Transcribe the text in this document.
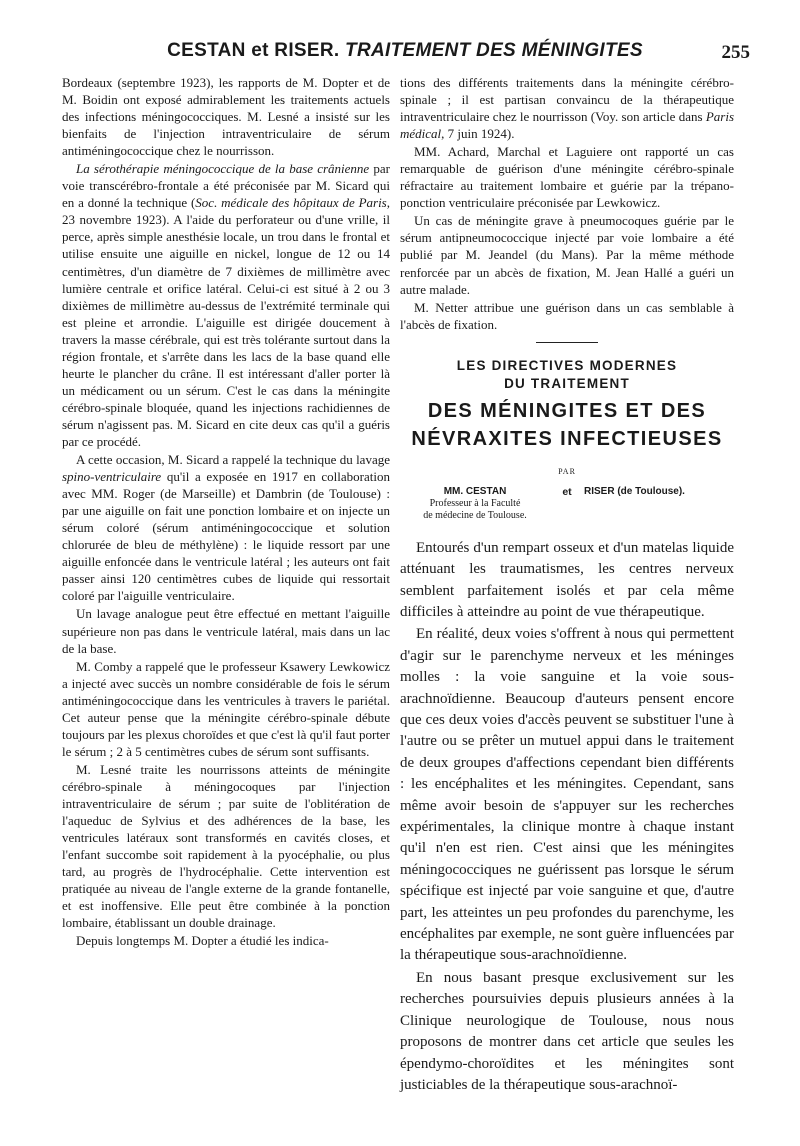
CESTAN et RISER. TRAITEMENT DES MÉNINGITES	255

Bordeaux (septembre 1923), les rapports de M. Dopter et de M. Boidin ont exposé admirablement les traitements actuels des infections méningococciques. M. Lesné a insisté sur les bienfaits de l'injection intraventriculaire de sérum antiméningococcique chez le nourrisson.

La sérothérapie méningococcique de la base crânienne par voie transcérébro-frontale a été préconisée par M. Sicard qui en a donné la technique (Soc. médicale des hôpitaux de Paris, 23 novembre 1923). A l'aide du perforateur ou d'une vrille, il perce, après simple anesthésie locale, un trou dans le frontal et utilise ensuite une aiguille en nickel, longue de 12 ou 14 centimètres, d'un diamètre de 7 dixièmes de millimètre avec lumière centrale et orifice latéral. Celui-ci est situé à 2 ou 3 dixièmes de millimètre au-dessus de l'extrémité terminale qui est pleine et arrondie. L'aiguille est dirigée doucement à travers la masse cérébrale, qui est très tolérante surtout dans la région frontale, et s'arrête dans les lacs de la base quand elle heurte le plancher du crâne. Il est intéressant d'aller porter là un médicament ou un sérum. C'est le cas dans la méningite cérébro-spinale bloquée, quand les injections rachidiennes de sérum n'agissent pas. M. Sicard en cite deux cas qu'il a guéris par ce procédé.

A cette occasion, M. Sicard a rappelé la technique du lavage spino-ventriculaire qu'il a exposée en 1917 en collaboration avec MM. Roger (de Marseille) et Dambrin (de Toulouse) : par une aiguille on fait une ponction lombaire et on injecte un sérum coloré (sérum antiméningococcique et solution chlorurée de bleu de méthylène) : le liquide ressort par une aiguille enfoncée dans le ventricule latéral ; les auteurs ont fait passer ainsi 120 centimètres cubes de liquide qui ressortait coloré par l'aiguille ventriculaire.

Un lavage analogue peut être effectué en mettant l'aiguille supérieure non pas dans le ventricule latéral, mais dans un lac de la base.

M. Comby a rappelé que le professeur Ksawery Lewkowicz a injecté avec succès un nombre considérable de fois le sérum antiméningococcique dans les ventricules à travers le pariétal. Cet auteur pense que la méningite cérébro-spinale débute toujours par les plexus choroïdes et que c'est là qu'il faut porter le sérum ; 2 à 5 centimètres cubes de sérum sont suffisants.

M. Lesné traite les nourrissons atteints de méningite cérébro-spinale à méningocoques par l'injection intraventriculaire de sérum ; par suite de l'oblitération de l'aqueduc de Sylvius et des adhérences de la base, les ventricules latéraux sont transformés en cavités closes, et l'enfant succombe soit rapidement à la pyocéphalie, ou plus tard, au progrès de l'hydrocéphalie. Cette intervention est pratiquée au niveau de l'angle externe de la grande fontanelle, et est inoffensive. Elle peut être combinée à la ponction lombaire, établissant un double drainage.

Depuis longtemps M. Dopter a étudié les indica-

tions des différents traitements dans la méningite cérébro-spinale ; il est partisan convaincu de la thérapeutique intraventriculaire chez le nourrisson (Voy. son article dans Paris médical, 7 juin 1924).

MM. Achard, Marchal et Laguiere ont rapporté un cas remarquable de guérison d'une méningite cérébro-spinale réfractaire au traitement lombaire et guérie par la trépano-ponction ventriculaire préconisée par Lewkowicz.

Un cas de méningite grave à pneumocoques guérie par le sérum antipneumococcique injecté par voie lombaire a été publié par M. Jeandel (du Mans). Par la même méthode renforcée par un abcès de fixation, M. Jean Hallé a guéri un autre malade.

M. Netter attribue une guérison dans un cas semblable à l'abcès de fixation.

LES DIRECTIVES MODERNES
DU TRAITEMENT
DES MÉNINGITES ET DES
NÉVRAXITES INFECTIEUSES
PAR
MM. CESTAN
Professeur à la Faculté
de médecine de Toulouse.
et RISER (de Toulouse).

Entourés d'un rempart osseux et d'un matelas liquide atténuant les traumatismes, les centres nerveux semblent parfaitement isolés et par cela même difficiles à atteindre au point de vue thérapeutique.

En réalité, deux voies s'offrent à nous qui permettent d'agir sur le parenchyme nerveux et les méninges molles : la voie sanguine et la voie sous-arachnoïdienne. Beaucoup d'auteurs pensent encore que ces deux voies d'accès peuvent se substituer l'une à l'autre ou se prêter un mutuel appui dans le traitement de deux groupes d'affections cependant bien différents : les encéphalites et les méningites. Cependant, sans même avoir besoin de s'appuyer sur les recherches expérimentales, la clinique montre à chaque instant qu'il n'en est rien. C'est ainsi que les méningites méningococciques ne guérissent pas lorsque le sérum spécifique est injecté par voie sanguine et que, d'autre part, les atteintes un peu profondes du parenchyme, les encéphalites par exemple, ne sont guère influencées par la thérapeutique sous-arachnoïdienne.

En nous basant presque exclusivement sur les recherches poursuivies depuis plusieurs années à la Clinique neurologique de Toulouse, nous nous proposons de montrer dans cet article que seules les épendymo-choroïdites et les méningites sont justiciables de la thérapeutique sous-arachnoï-
